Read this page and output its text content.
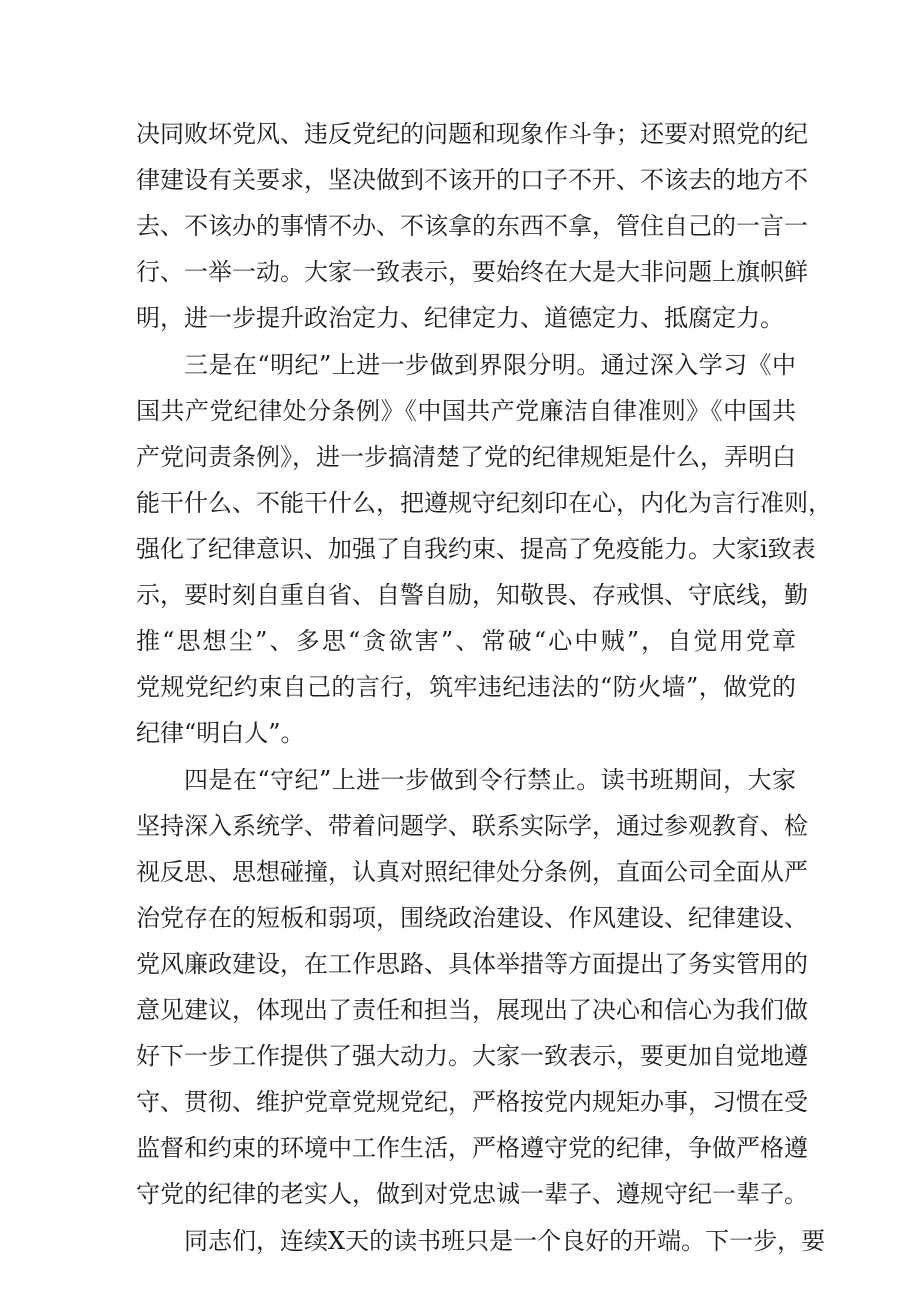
决同败坏党风、违反党纪的问题和现象作斗争；还要对照党的纪
律建设有关要求，坚决做到不该开的口子不开、不该去的地方不
去、不该办的事情不办、不该拿的东西不拿，管住自己的一言一
行、一举一动。大家一致表示，要始终在大是大非问题上旗帜鲜
明，进一步提升政治定力、纪律定力、道德定力、抵腐定力。
三是在“明纪”上进一步做到界限分明。通过深入学习《中
国共产党纪律处分条例》《中国共产党廉洁自律准则》《中国共
产党问责条例》，进一步搞清楚了党的纪律规矩是什么，弄明白
能干什么、不能干什么，把遵规守纪刻印在心，内化为言行准则，
强化了纪律意识、加强了自我约束、提高了免疫能力。大家i致表
示，要时刻自重自省、自警自励，知敬畏、存戒惧、守底线，勤
推“思想尘”、多思“贪欲害”、常破“心中贼”，自觉用党章
党规党纪约束自己的言行，筑牢违纪违法的“防火墙”，做党的
纪律“明白人”。
四是在“守纪”上进一步做到令行禁止。读书班期间，大家
坚持深入系统学、带着问题学、联系实际学，通过参观教育、检
视反思、思想碰撞，认真对照纪律处分条例，直面公司全面从严
治党存在的短板和弱项，围绕政治建设、作风建设、纪律建设、
党风廉政建设，在工作思路、具体举措等方面提出了务实管用的
意见建议，体现出了责任和担当，展现出了决心和信心为我们做
好下一步工作提供了强大动力。大家一致表示，要更加自觉地遵
守、贯彻、维护党章党规党纪，严格按党内规矩办事，习惯在受
监督和约束的环境中工作生活，严格遵守党的纪律，争做严格遵
守党的纪律的老实人，做到对党忠诚一辈子、遵规守纪一辈子。
同志们，连续X天的读书班只是一个良好的开端。下一步，要
